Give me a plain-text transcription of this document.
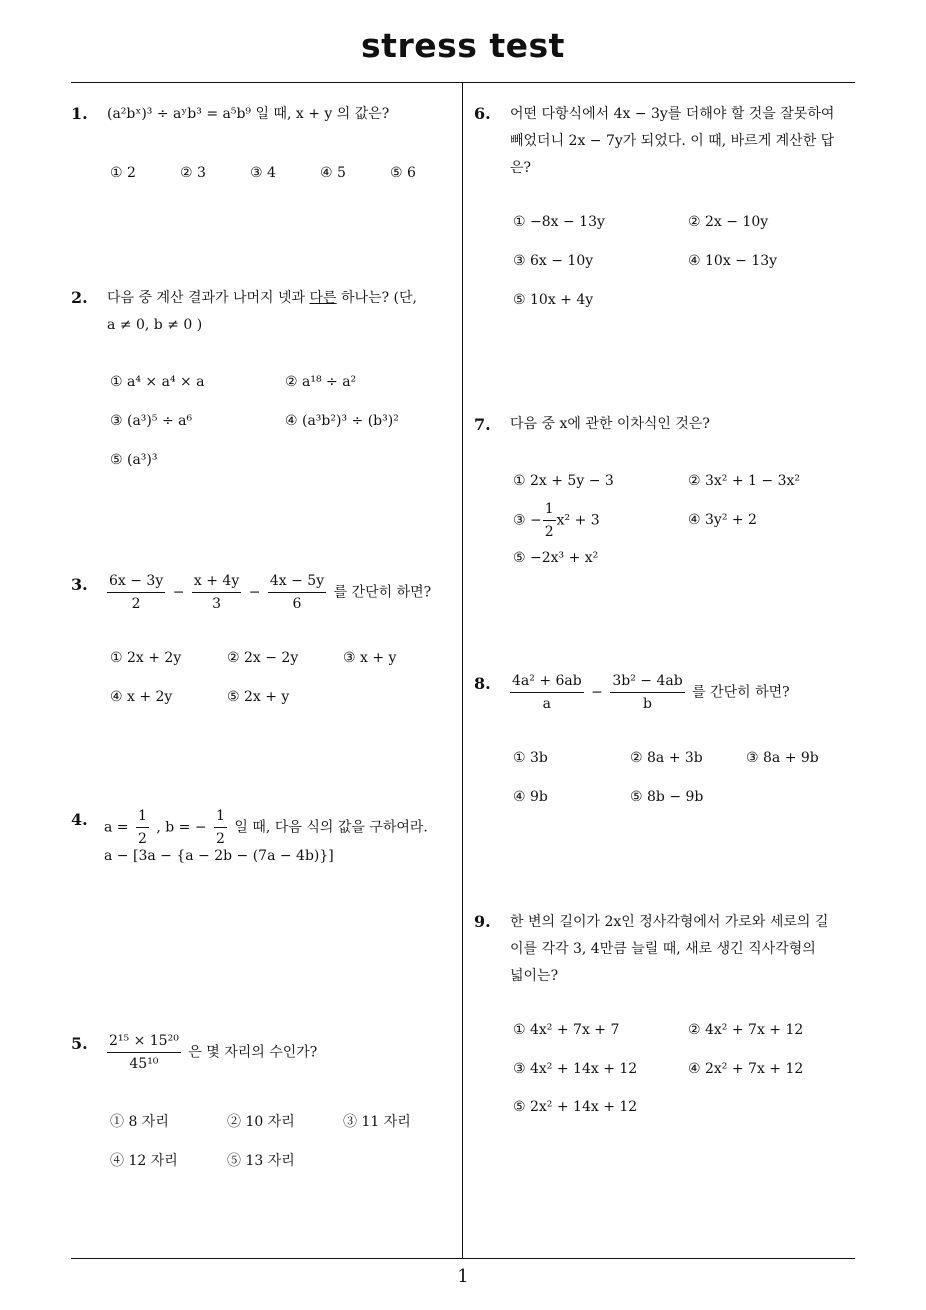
stress test
1
1. (a²bˣ)³ ÷ aʸb³ = a⁵b⁹ 일 때, x + y 의 값은?
① 2	② 3	③ 4	④ 5	⑤ 6
2. 다음 중 계산 결과가 나머지 넷과 다른 하나는? (단,
a ≠ 0, b ≠ 0 )
① a⁴ × a⁴ × a	② a¹⁸ ÷ a²
③ (a³)⁵ ÷ a⁶	④ (a³b²)³ ÷ (b³)²
⑤ (a³)³
3. $\frac{6x - 3y}{2} - \frac{x + 4y}{3} - \frac{4x - 5y}{6}$ 를 간단히 하면?
① 2x + 2y	② 2x − 2y	③ x + y
④ x + 2y	⑤ 2x + y
4. $a = \frac{1}{2}$ , b = − $\frac{1}{2}$ 일 때, 다음 식의 값을 구하여라.
a − [3a − {a − 2b − (7a − 4b)}]
5. $\frac{\text{2¹⁵ × 15²⁰}}{\text{45¹⁰}}$ 은 몇 자리의 수인가?
① 8 자리	② 10 자리	③ 11 자리
④ 12 자리	⑤ 13 자리
6. 어떤 다항식에서 4x − 3y를 더해야 할 것을 잘못하여
빼었더니 2x − 7y가 되었다. 이 때, 바르게 계산한 답
은?
① −8x − 13y	② 2x − 10y
③ 6x − 10y	④ 10x − 13y
⑤ 10x + 4y
7. 다음 중 x에 관한 이차식인 것은?
① 2x + 5y − 3	② 3x² + 1 − 3x²
③ − $\frac{1}{2} x^2 + 3$	④ 3y² + 2
⑤ −2x³ + x²
8. $\frac{\text{4a² + 6ab}}{a} - \frac{\text{3b² − 4ab}}{b}$ 를 간단히 하면?
① 3b	② 8a + 3b	③ 8a + 9b
④ 9b	⑤ 8b − 9b
9. 한 변의 길이가 2x인 정사각형에서 가로와 세로의 길
이를 각각 3, 4만큼 늘릴 때, 새로 생긴 직사각형의
넓이는?
① 4x² + 7x + 7	② 4x² + 7x + 12
③ 4x² + 14x + 12	④ 2x² + 7x + 12
⑤ 2x² + 14x + 12
